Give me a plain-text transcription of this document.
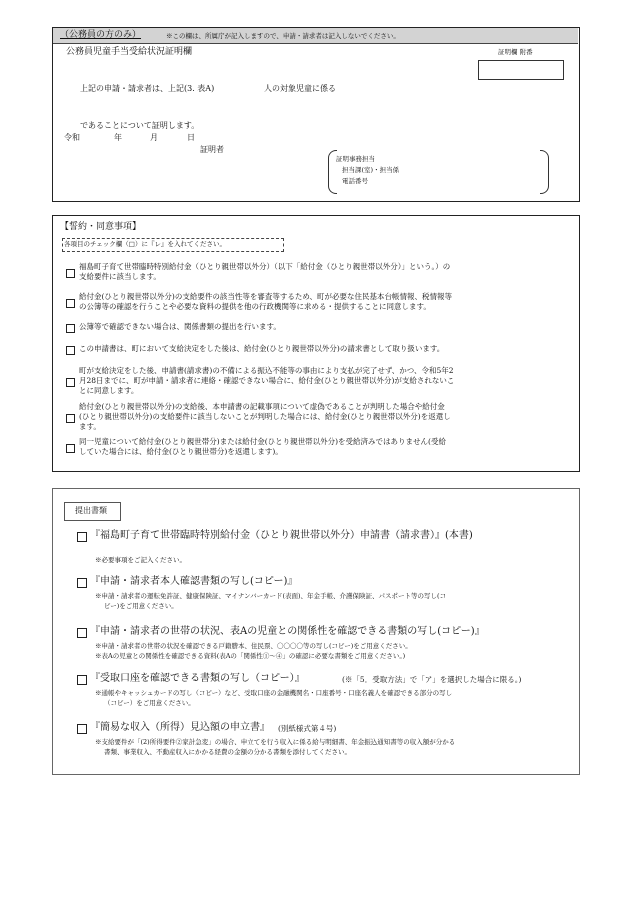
（公務員の方のみ）	※この欄は、所属庁が記入しますので、申請・請求者は記入しないでください。
公務員児童手当受給状況証明欄	証明欄 附番
上記の申請・請求者は、上記(3. 表A)	人の対象児童に係る
であることについて証明します。
令和	年	月	日
証明者
証明事務担当
担当課(室)・担当係
電話番号
【誓約・同意事項】
各項目のチェック欄（□）に『レ』を入れてください。
福島町子育て世帯臨時特別給付金（ひとり親世帯以外分）（以下「給付金（ひとり親世帯以外分）」という。）の
支給要件に該当します。
給付金(ひとり親世帯以外分)の支給要件の該当性等を審査等するため、町が必要な住民基本台帳情報、税情報等
の公簿等の確認を行うことや必要な資料の提供を他の行政機関等に求める・提供することに同意します。
公簿等で確認できない場合は、関係書類の提出を行います。
この申請書は、町において支給決定をした後は、給付金(ひとり親世帯以外分)の請求書として取り扱います。
町が支給決定をした後、申請書(請求書)の不備による振込不能等の事由により支払が完了せず、かつ、令和5年2
月28日までに、町が申請・請求者に連絡・確認できない場合に、給付金(ひとり親世帯以外分)が支給されないこ
とに同意します。
給付金(ひとり親世帯以外分)の支給後、本申請書の記載事項について虚偽であることが判明した場合や給付金
(ひとり親世帯以外分)の支給要件に該当しないことが判明した場合には、給付金(ひとり親世帯以外分)を返還し
ます。
同一児童について給付金(ひとり親世帯分)または給付金(ひとり親世帯以外分)を受給済みではありません(受給
していた場合には、給付金(ひとり親世帯分)を返還します)。
提出書類
『福島町子育て世帯臨時特別給付金（ひとり親世帯以外分）申請書（請求書）』(本書)
※必要事項をご記入ください。
『申請・請求者本人確認書類の写し(コピー)』
※申請・請求者の運転免許証、健康保険証、マイナンバーカード(表面)、年金手帳、介護保険証、パスポート等の写し(コ
ピー)をご用意ください。
『申請・請求者の世帯の状況、表Aの児童との関係性を確認できる書類の写し(コピー)』
※申請・請求者の世帯の状況を確認できる戸籍謄本、住民票、〇〇〇〇等の写し(コピー)をご用意ください。
※表Aの児童との関係性を確認できる資料(表Aの「関係性①～④」の確認に必要な書類をご用意ください。)
『受取口座を確認できる書類の写し（コピー）』	(※「5．受取方法」で「ア」を選択した場合に限る。)
※通帳やキャッシュカードの写し（コピー）など、受取口座の金融機関名・口座番号・口座名義人を確認できる部分の写し
（コピー）をご用意ください。
『簡易な収入（所得）見込額の申立書』 (別紙様式第４号)
※支給要件が「(2)所得要件②家計急変」の場合、申立てを行う収入に係る給与明細書、年金振込通知書等の収入額が分かる
書類、事業収入、不動産収入にかかる経費の金額の分かる書類を添付してください。
